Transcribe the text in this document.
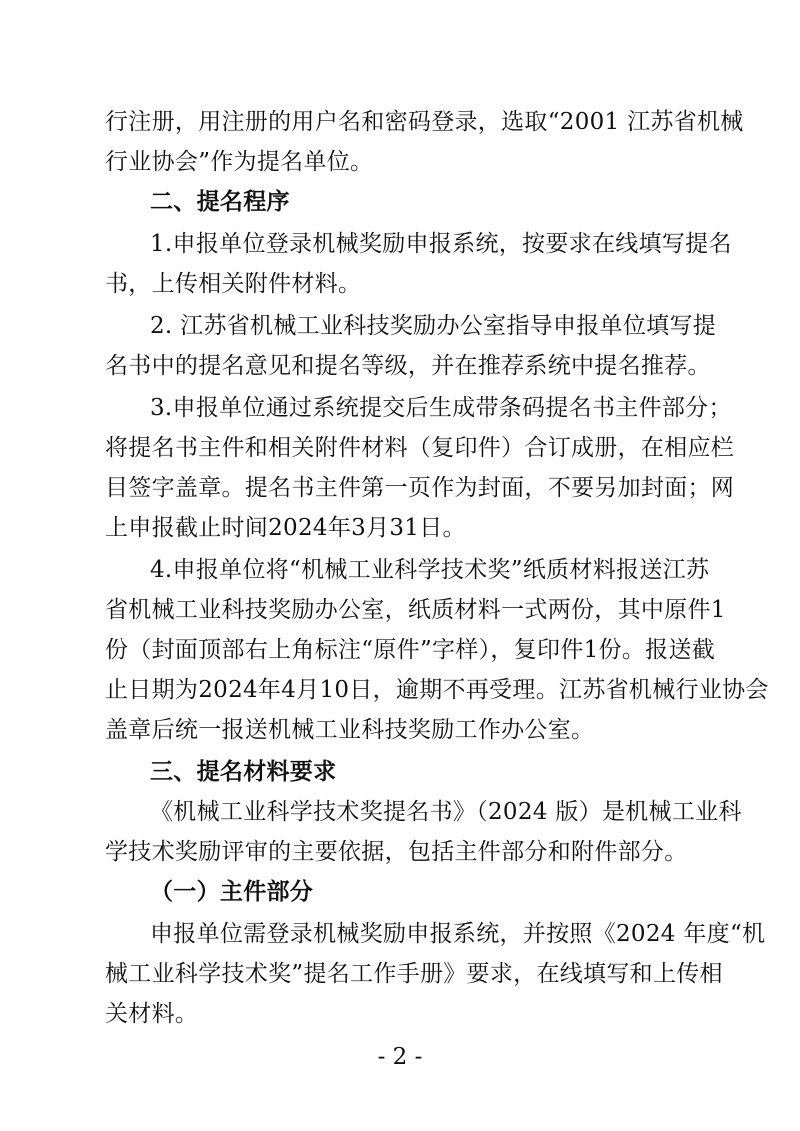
行注册，用注册的用户名和密码登录，选取“2001 江苏省机械
行业协会”作为提名单位。
二、提名程序
1.申报单位登录机械奖励申报系统，按要求在线填写提名
书，上传相关附件材料。
2. 江苏省机械工业科技奖励办公室指导申报单位填写提
名书中的提名意见和提名等级，并在推荐系统中提名推荐。
3.申报单位通过系统提交后生成带条码提名书主件部分；
将提名书主件和相关附件材料（复印件）合订成册，在相应栏
目签字盖章。提名书主件第一页作为封面，不要另加封面；网
上申报截止时间2024年3月31日。
4.申报单位将“机械工业科学技术奖”纸质材料报送江苏
省机械工业科技奖励办公室，纸质材料一式两份，其中原件1
份（封面顶部右上角标注“原件”字样），复印件1份。报送截
止日期为2024年4月10日，逾期不再受理。江苏省机械行业协会
盖章后统一报送机械工业科技奖励工作办公室。
三、提名材料要求
《机械工业科学技术奖提名书》（2024 版）是机械工业科
学技术奖励评审的主要依据，包括主件部分和附件部分。
（一）主件部分
申报单位需登录机械奖励申报系统，并按照《2024 年度“机
械工业科学技术奖”提名工作手册》要求，在线填写和上传相
关材料。
- 2 -
